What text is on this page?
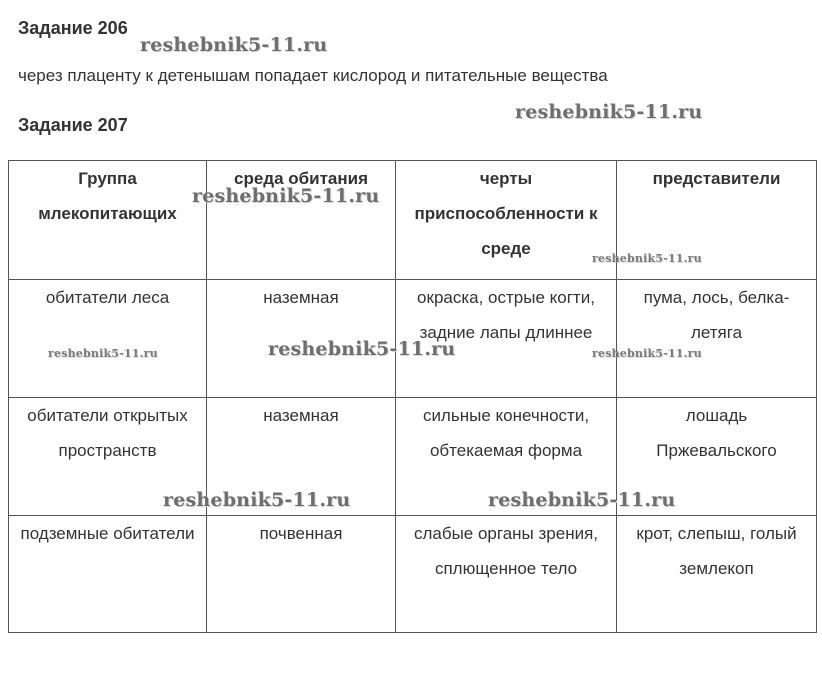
Задание 206

через плаценту к детенышам попадает кислород и питательные вещества

Задание 207
Группа млекопитающих	среда обитания	черты приспособленности к среде	представители
обитатели леса	наземная	окраска, острые когти, задние лапы длиннее	пума, лось, белка-летяга
обитатели открытых пространств	наземная	сильные конечности, обтекаемая форма	лошадь Пржевальского
подземные обитатели	почвенная	слабые органы зрения, сплющенное тело	крот, слепыш, голый землекоп
reshebnik5-11.ru
reshebnik5-11.ru
reshebnik5-11.ru
reshebnik5-11.ru
reshebnik5-11.ru	reshebnik5-11.ru	reshebnik5-11.ru
reshebnik5-11.ru	reshebnik5-11.ru
